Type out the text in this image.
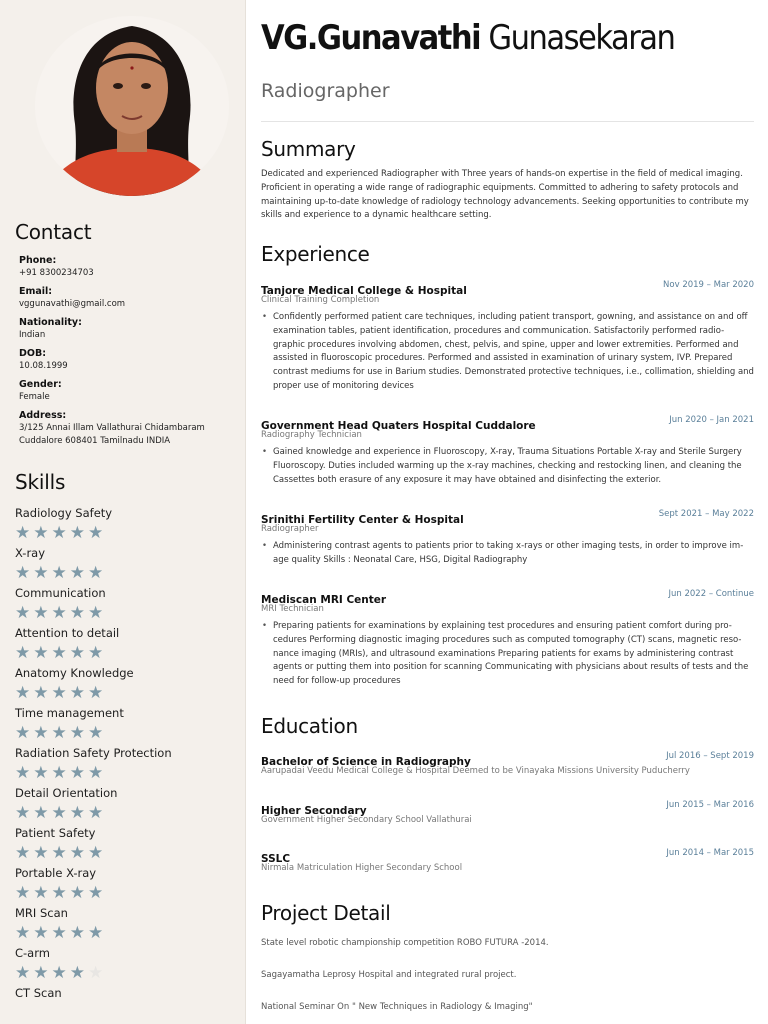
Contact
Phone:
+91 8300234703
Email:
vggunavathi@gmail.com
Nationality:
Indian
DOB:
10.08.1999
Gender:
Female
Address:
3/125 Annai Illam Vallathurai Chidambaram Cuddalore 608401 Tamilnadu INDIA
Skills
Radiology Safety
★★★★★
X-ray
★★★★★
Communication
★★★★★
Attention to detail
★★★★★
Anatomy Knowledge
★★★★★
Time management
★★★★★
Radiation Safety Protection
★★★★★
Detail Orientation
★★★★★
Patient Safety
★★★★★
Portable X-ray
★★★★★
MRI Scan
★★★★★
C-arm
★★★★★
CT Scan
VG.Gunavathi Gunasekaran
Radiographer
Summary
Dedicated and experienced Radiographer with Three years of hands-on expertise in the field of medical imaging. Proficient in operating a wide range of radiographic equipments. Committed to adhering to safety protocols and maintaining up-to-date knowledge of radiology technology advancements. Seeking opportunities to contribute my skills and experience to a dynamic healthcare setting.
Experience
Tanjore Medical College & Hospital	Nov 2019 – Mar 2020
Clinical Training Completion
• Confidently performed patient care techniques, including patient transport, gowning, and assistance on and off examination tables, patient identification, procedures and communication. Satisfactorily performed radio-graphic procedures involving abdomen, chest, pelvis, and spine, upper and lower extremities. Performed and assisted in fluoroscopic procedures. Performed and assisted in examination of urinary system, IVP. Prepared contrast mediums for use in Barium studies. Demonstrated protective techniques, i.e., collimation, shielding and proper use of monitoring devices
Government Head Quaters Hospital Cuddalore	Jun 2020 – Jan 2021
Radiography Technician
• Gained knowledge and experience in Fluoroscopy, X-ray, Trauma Situations Portable X-ray and Sterile Surgery Fluoroscopy. Duties included warming up the x-ray machines, checking and restocking linen, and cleaning the Cassettes both erasure of any exposure it may have obtained and disinfecting the exterior.
Srinithi Fertility Center & Hospital	Sept 2021 – May 2022
Radiographer
• Administering contrast agents to patients prior to taking x-rays or other imaging tests, in order to improve im-age quality Skills : Neonatal Care, HSG, Digital Radiography
Mediscan MRI Center	Jun 2022 – Continue
MRI Technician
• Preparing patients for examinations by explaining test procedures and ensuring patient comfort during pro-cedures Performing diagnostic imaging procedures such as computed tomography (CT) scans, magnetic reso-nance imaging (MRIs), and ultrasound examinations Preparing patients for exams by administering contrast agents or putting them into position for scanning Communicating with physicians about results of tests and the need for follow-up procedures
Education
Bachelor of Science in Radiography	Jul 2016 – Sept 2019
Aarupadai Veedu Medical College & Hospital Deemed to be Vinayaka Missions University Puducherry
Higher Secondary	Jun 2015 – Mar 2016
Government Higher Secondary School Vallathurai
SSLC	Jun 2014 – Mar 2015
Nirmala Matriculation Higher Secondary School
Project Detail
State level robotic championship competition ROBO FUTURA -2014.
Sagayamatha Leprosy Hospital and integrated rural project.
National Seminar On " New Techniques in Radiology & Imaging"
